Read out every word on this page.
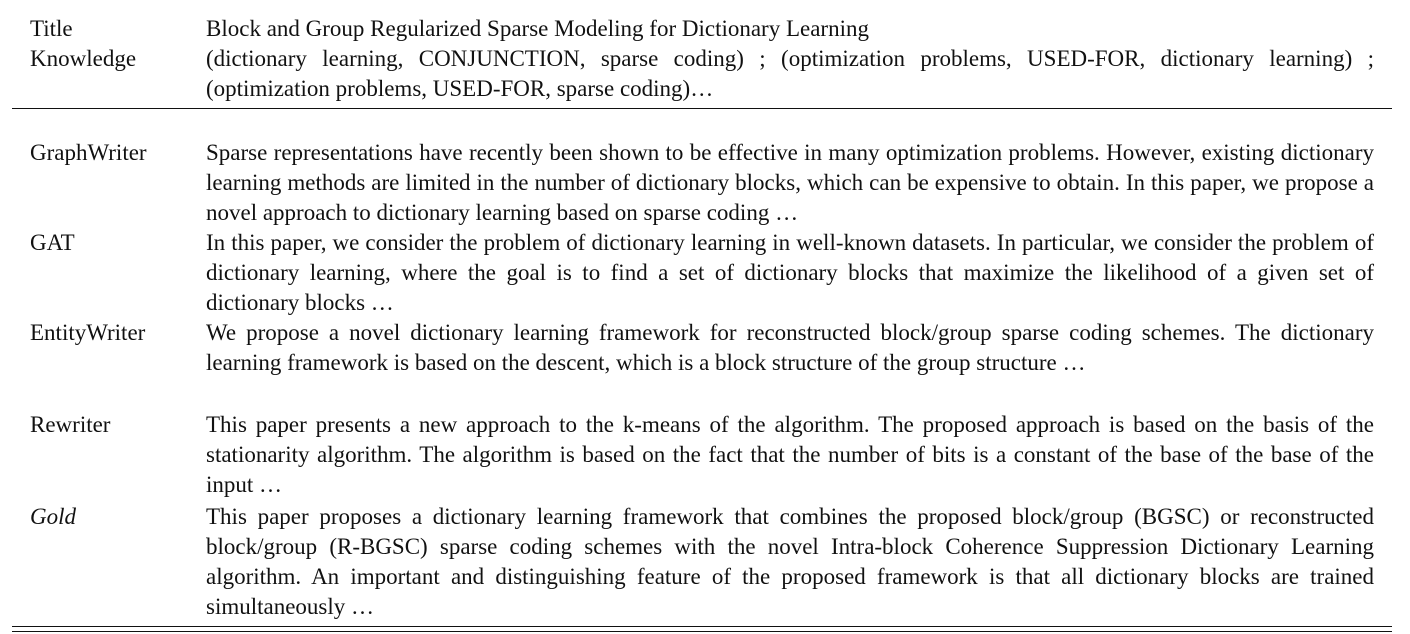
Title	Block and Group Regularized Sparse Modeling for Dictionary Learning
Knowledge	(dictionary learning, CONJUNCTION, sparse coding) ; (optimization problems, USED-FOR, dictionary learning) ; (optimization problems, USED-FOR, sparse coding)…
GraphWriter	Sparse representations have recently been shown to be effective in many optimization problems. However, existing dictionary learning methods are limited in the number of dictionary blocks, which can be expensive to obtain. In this paper, we propose a novel approach to dictionary learning based on sparse coding …
GAT	In this paper, we consider the problem of dictionary learning in well-known datasets. In particular, we consider the problem of dictionary learning, where the goal is to find a set of dictionary blocks that maximize the likelihood of a given set of dictionary blocks …
EntityWriter	We propose a novel dictionary learning framework for reconstructed block/group sparse coding schemes. The dictionary learning framework is based on the descent, which is a block structure of the group structure …
Rewriter	This paper presents a new approach to the k-means of the algorithm. The proposed approach is based on the basis of the stationarity algorithm. The algorithm is based on the fact that the number of bits is a constant of the base of the base of the input …
Gold	This paper proposes a dictionary learning framework that combines the proposed block/group (BGSC) or reconstructed block/group (R-BGSC) sparse coding schemes with the novel Intra-block Coherence Suppression Dictionary Learning algorithm. An important and distinguishing feature of the proposed framework is that all dictionary blocks are trained simultaneously …
